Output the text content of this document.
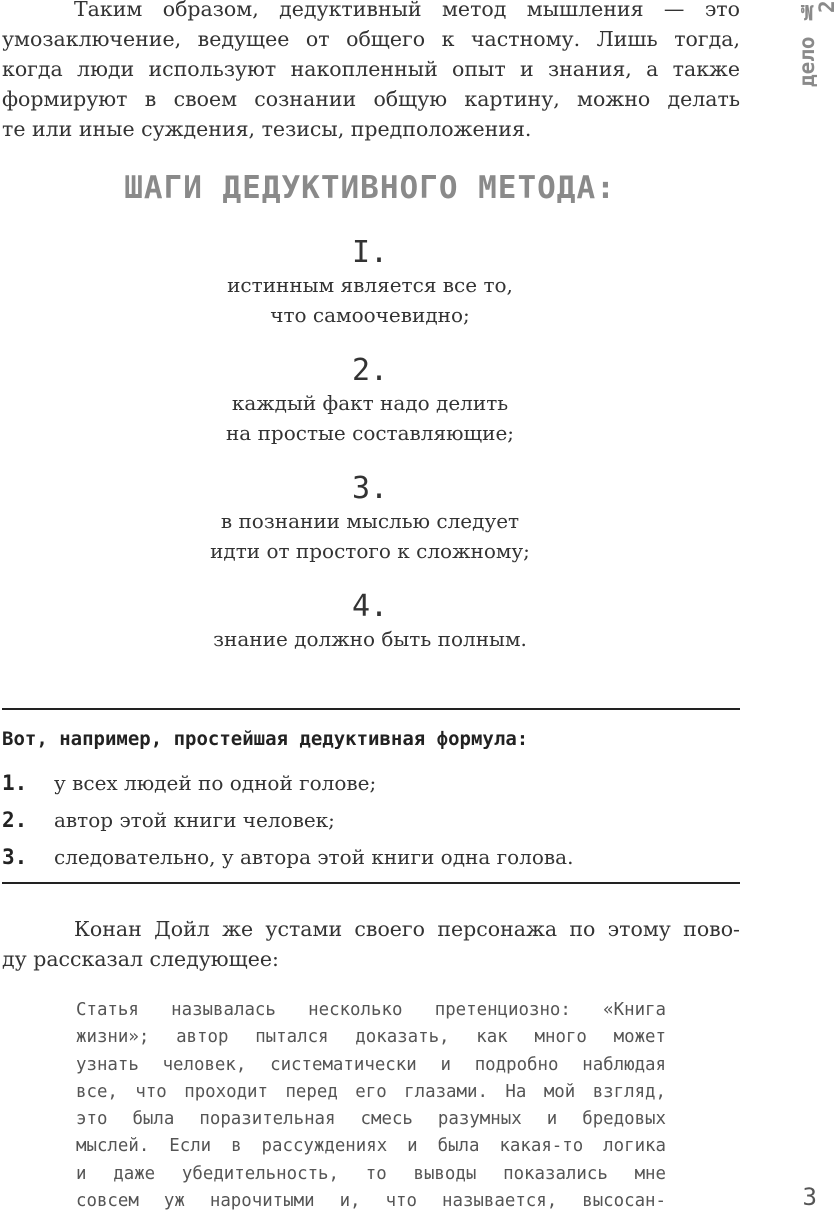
Таким образом, дедуктивный метод мышления — это
умозаключение, ведущее от общего к частному. Лишь тогда,
когда люди используют накопленный опыт и знания, а также
формируют в своем сознании общую картину, можно делать
те или иные суждения, тезисы, предположения.
ШАГИ ДЕДУКТИВНОГО МЕТОДА:
I.
истинным является все то,
что самоочевидно;
2.
каждый факт надо делить
на простые составляющие;
3.
в познании мыслью следует
идти от простого к сложному;
4.
знание должно быть полным.
Вот, например, простейшая дедуктивная формула:
1.	у всех людей по одной голове;
2.	автор этой книги человек;
3.	следовательно, у автора этой книги одна голова.
Конан Дойл же устами своего персонажа по этому пово-
ду рассказал следующее:
Статья называлась несколько претенциозно: «Книга
жизни»; автор пытался доказать, как много может
узнать человек, систематически и подробно наблюдая
все, что проходит перед его глазами. На мой взгляд,
это была поразительная смесь разумных и бредовых
мыслей. Если в рассуждениях и была какая-то логика
и даже убедительность, то выводы показались мне
совсем уж нарочитыми и, что называется, высосан-
дело № 2
3
